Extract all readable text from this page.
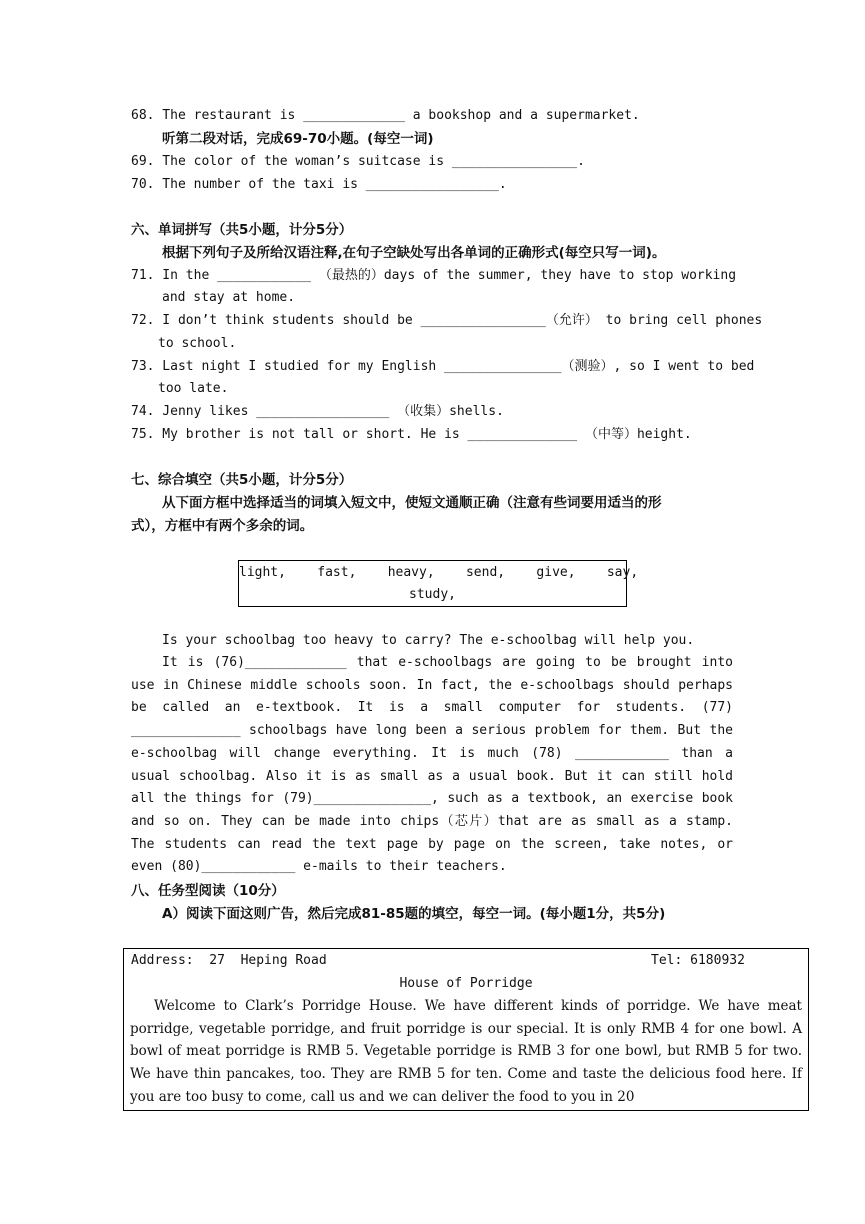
68. The restaurant is _____________ a bookshop and a supermarket.
听第二段对话，完成69-70小题。(每空一词)
69. The color of the woman’s suitcase is ________________.
70. The number of the taxi is _________________.
六、单词拼写（共5小题，计分5分）
根据下列句子及所给汉语注释,在句子空缺处写出各单词的正确形式(每空只写一词)。
71. In the ____________ （最热的）days of the summer, they have to stop working
and stay at home.
72. I don’t think students should be ________________（允许） to bring cell phones
to school.
73. Last night I studied for my English _______________（测验）, so I went to bed
too late.
74. Jenny likes _________________ （收集）shells.
75. My brother is not tall or short. He is ______________ （中等）height.
七、综合填空（共5小题，计分5分）
从下面方框中选择适当的词填入短文中，使短文通顺正确（注意有些词要用适当的形
式），方框中有两个多余的词。
light,    fast,    heavy,    send,    give,    say,
study,
Is your schoolbag too heavy to carry? The e-schoolbag will help you.
It is (76)_____________ that e-schoolbags are going to be brought into use in Chinese middle schools soon. In fact, the e-schoolbags should perhaps be called an e-textbook. It is a small computer for students. (77) ______________ schoolbags have long been a serious problem for them. But the e-schoolbag will change everything. It is much (78) ____________ than a usual schoolbag. Also it is as small as a usual book. But it can still hold all the things for (79)_______________, such as a textbook, an exercise book and so on. They can be made into chips（芯片）that are as small as a stamp. The students can read the text page by page on the screen, take notes, or even (80)____________ e-mails to their teachers.
八、任务型阅读（10分）
A）阅读下面这则广告，然后完成81-85题的填空，每空一词。(每小题1分，共5分)
Address:  27  Heping Road	Tel: 6180932
House of Porridge
Welcome to Clark’s Porridge House. We have different kinds of porridge. We have meat porridge, vegetable porridge, and fruit porridge is our special. It is only RMB 4 for one bowl. A bowl of meat porridge is RMB 5. Vegetable porridge is RMB 3 for one bowl, but RMB 5 for two. We have thin pancakes, too. They are RMB 5 for ten. Come and taste the delicious food here. If you are too busy to come, call us and we can deliver the food to you in 20
